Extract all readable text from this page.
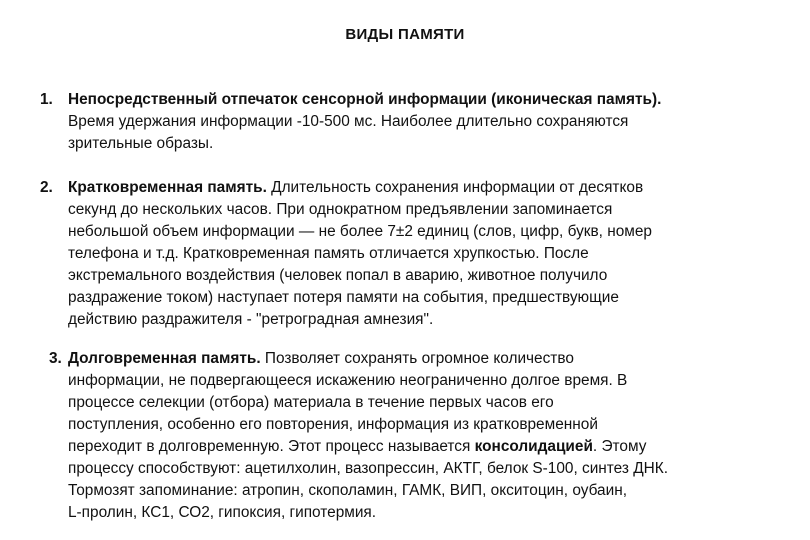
ВИДЫ ПАМЯТИ
1. Непосредственный отпечаток сенсорной информации (иконическая память).
Время удержания информации -10-500 мс. Наиболее длительно сохраняются
зрительные образы.
2. Кратковременная память. Длительность сохранения информации от десятков
секунд до нескольких часов. При однократном предъявлении запоминается
небольшой объем информации — не более 7±2 единиц (слов, цифр, букв, номер
телефона и т.д. Кратковременная память отличается хрупкостью. После
экстремального воздействия (человек попал в аварию, животное получило
раздражение током) наступает потеря памяти на события, предшествующие
действию раздражителя - "ретроградная амнезия".
3. Долговременная память. Позволяет сохранять огромное количество
информации, не подвергающееся искажению неограниченно долгое время. В
процессе селекции (отбора) материала в течение первых часов его
поступления, особенно его повторения, информация из кратковременной
переходит в долговременную. Этот процесс называется консолидацией. Этому
процессу способствуют: ацетилхолин, вазопрессин, АКТГ, белок S-100, синтез ДНК.
Тормозят запоминание: атропин, скополамин, ГАМК, ВИП, окситоцин, оубаин,
L-пролин, КС1, СО2, гипоксия, гипотермия.
